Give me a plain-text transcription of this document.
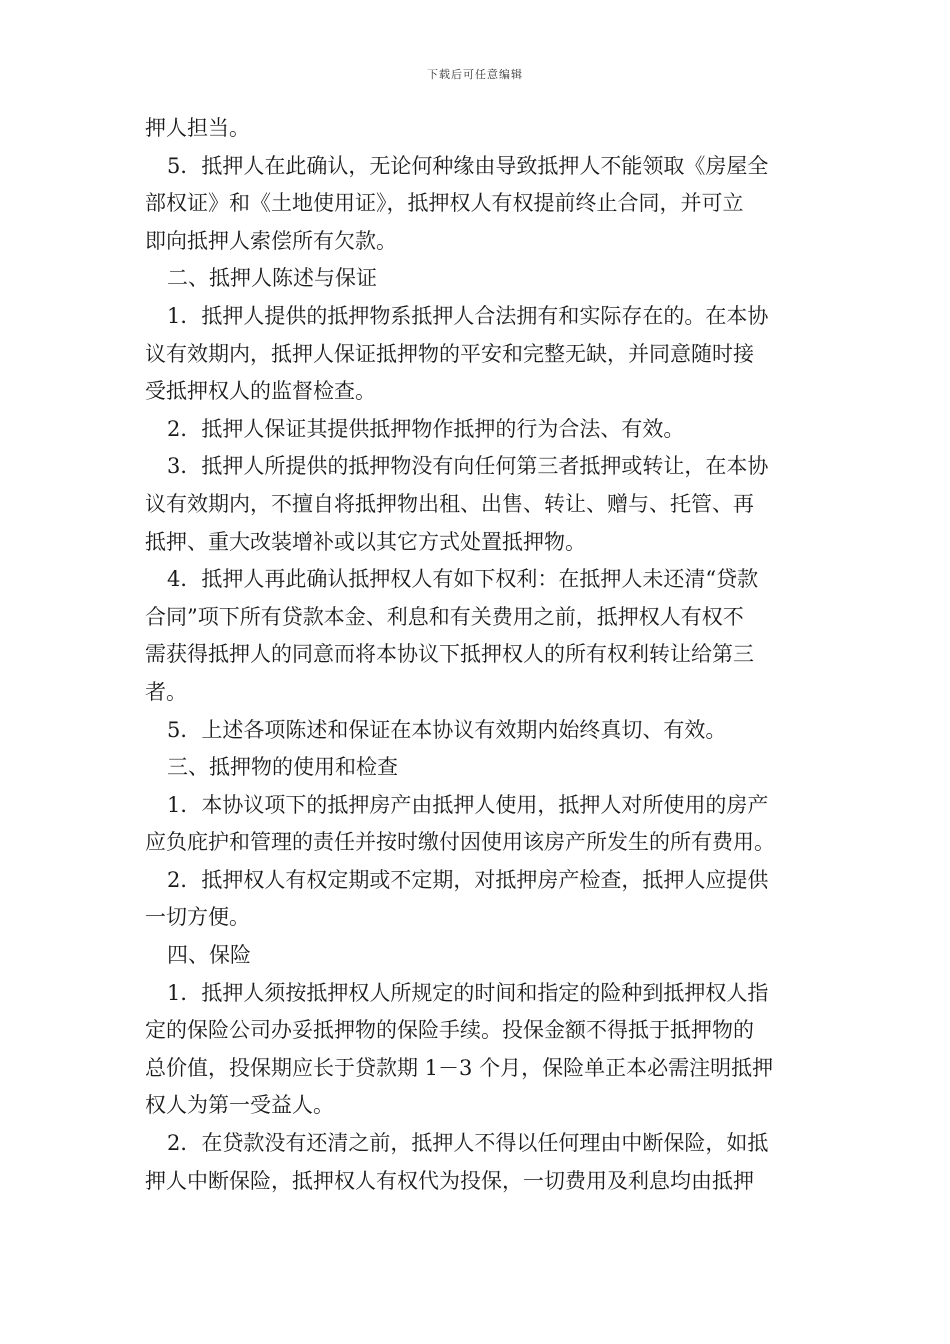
下载后可任意编辑
押人担当。
5．抵押人在此确认，无论何种缘由导致抵押人不能领取《房屋全
部权证》和《土地使用证》，抵押权人有权提前终止合同，并可立
即向抵押人索偿所有欠款。
二、抵押人陈述与保证
1．抵押人提供的抵押物系抵押人合法拥有和实际存在的。在本协
议有效期内，抵押人保证抵押物的平安和完整无缺，并同意随时接
受抵押权人的监督检查。
2．抵押人保证其提供抵押物作抵押的行为合法、有效。
3．抵押人所提供的抵押物没有向任何第三者抵押或转让，在本协
议有效期内，不擅自将抵押物出租、出售、转让、赠与、托管、再
抵押、重大改装增补或以其它方式处置抵押物。
4．抵押人再此确认抵押权人有如下权利：在抵押人未还清“贷款
合同”项下所有贷款本金、利息和有关费用之前，抵押权人有权不
需获得抵押人的同意而将本协议下抵押权人的所有权利转让给第三
者。
5．上述各项陈述和保证在本协议有效期内始终真切、有效。
三、抵押物的使用和检查
1．本协议项下的抵押房产由抵押人使用，抵押人对所使用的房产
应负庇护和管理的责任并按时缴付因使用该房产所发生的所有费用。
2．抵押权人有权定期或不定期，对抵押房产检查，抵押人应提供
一切方便。
四、保险
1．抵押人须按抵押权人所规定的时间和指定的险种到抵押权人指
定的保险公司办妥抵押物的保险手续。投保金额不得抵于抵押物的
总价值，投保期应长于贷款期 1－3 个月，保险单正本必需注明抵押
权人为第一受益人。
2．在贷款没有还清之前，抵押人不得以任何理由中断保险，如抵
押人中断保险，抵押权人有权代为投保，一切费用及利息均由抵押
